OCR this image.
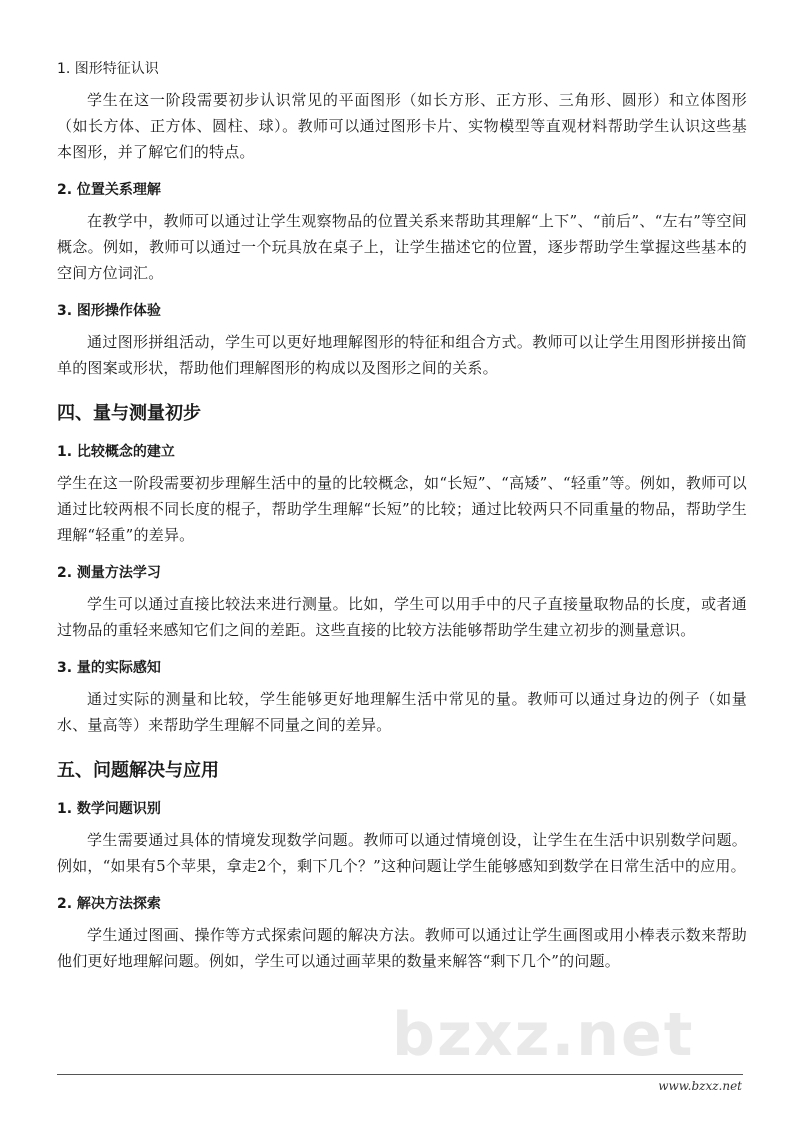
bzxz.net
1. 图形特征认识

学生在这一阶段需要初步认识常见的平面图形（如长方形、正方形、三角形、圆形）和立体图形（如长方体、正方体、圆柱、球）。教师可以通过图形卡片、实物模型等直观材料帮助学生认识这些基本图形，并了解它们的特点。

2. 位置关系理解

在教学中，教师可以通过让学生观察物品的位置关系来帮助其理解“上下”、“前后”、“左右”等空间概念。例如，教师可以通过一个玩具放在桌子上，让学生描述它的位置，逐步帮助学生掌握这些基本的空间方位词汇。

3. 图形操作体验

通过图形拼组活动，学生可以更好地理解图形的特征和组合方式。教师可以让学生用图形拼接出简单的图案或形状，帮助他们理解图形的构成以及图形之间的关系。

四、量与测量初步
1. 比较概念的建立

学生在这一阶段需要初步理解生活中的量的比较概念，如“长短”、“高矮”、“轻重”等。例如，教师可以通过比较两根不同长度的棍子，帮助学生理解“长短”的比较；通过比较两只不同重量的物品，帮助学生理解“轻重”的差异。

2. 测量方法学习

学生可以通过直接比较法来进行测量。比如，学生可以用手中的尺子直接量取物品的长度，或者通过物品的重轻来感知它们之间的差距。这些直接的比较方法能够帮助学生建立初步的测量意识。

3. 量的实际感知

通过实际的测量和比较，学生能够更好地理解生活中常见的量。教师可以通过身边的例子（如量水、量高等）来帮助学生理解不同量之间的差异。

五、问题解决与应用
1. 数学问题识别

学生需要通过具体的情境发现数学问题。教师可以通过情境创设，让学生在生活中识别数学问题。例如，“如果有5个苹果，拿走2个，剩下几个？”这种问题让学生能够感知到数学在日常生活中的应用。

2. 解决方法探索

学生通过图画、操作等方式探索问题的解决方法。教师可以通过让学生画图或用小棒表示数来帮助他们更好地理解问题。例如，学生可以通过画苹果的数量来解答“剩下几个”的问题。

www.bzxz.net
